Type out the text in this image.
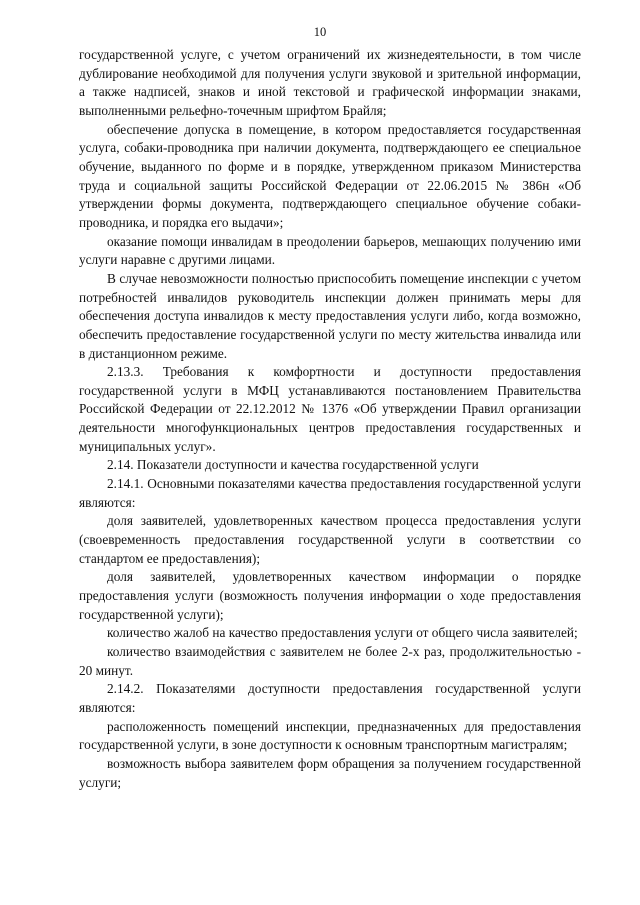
10

государственной услуге, с учетом ограничений их жизнедеятельности, в том числе дублирование необходимой для получения услуги звуковой и зрительной информации, а также надписей, знаков и иной текстовой и графической информации знаками, выполненными рельефно-точечным шрифтом Брайля;

обеспечение допуска в помещение, в котором предоставляется государственная услуга, собаки-проводника при наличии документа, подтверждающего ее специальное обучение, выданного по форме и в порядке, утвержденном приказом Министерства труда и социальной защиты Российской Федерации от 22.06.2015 № 386н «Об утверждении формы документа, подтверждающего специальное обучение собаки-проводника, и порядка его выдачи»;

оказание помощи инвалидам в преодолении барьеров, мешающих получению ими услуги наравне с другими лицами.

В случае невозможности полностью приспособить помещение инспекции с учетом потребностей инвалидов руководитель инспекции должен принимать меры для обеспечения доступа инвалидов к месту предоставления услуги либо, когда возможно, обеспечить предоставление государственной услуги по месту жительства инвалида или в дистанционном режиме.

2.13.3. Требования к комфортности и доступности предоставления государственной услуги в МФЦ устанавливаются постановлением Правительства Российской Федерации от 22.12.2012 № 1376 «Об утверждении Правил организации деятельности многофункциональных центров предоставления государственных и муниципальных услуг».

2.14. Показатели доступности и качества государственной услуги

2.14.1. Основными показателями качества предоставления государственной услуги являются:

доля заявителей, удовлетворенных качеством процесса предоставления услуги (своевременность предоставления государственной услуги в соответствии со стандартом ее предоставления);

доля заявителей, удовлетворенных качеством информации о порядке предоставления услуги (возможность получения информации о ходе предоставления государственной услуги);

количество жалоб на качество предоставления услуги от общего числа заявителей;

количество взаимодействия с заявителем не более 2-х раз, продолжительностью - 20 минут.

2.14.2. Показателями доступности предоставления государственной услуги являются:

расположенность помещений инспекции, предназначенных для предоставления государственной услуги, в зоне доступности к основным транспортным магистралям;

возможность выбора заявителем форм обращения за получением государственной услуги;
